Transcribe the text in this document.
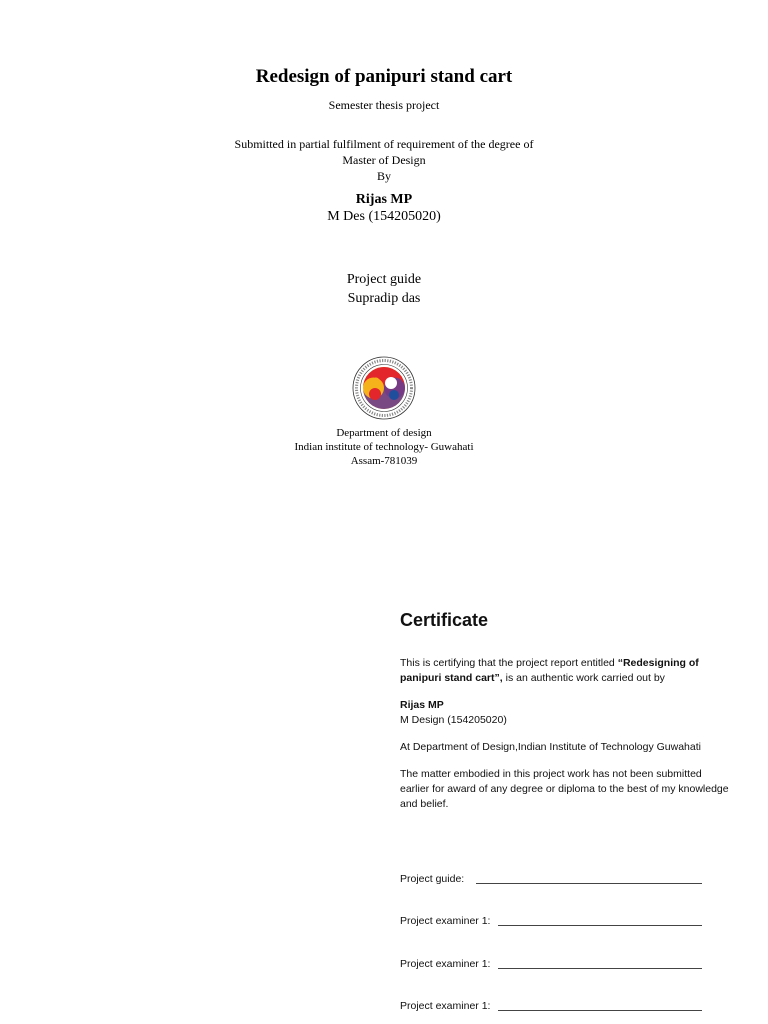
Redesign of panipuri stand cart
Semester thesis project
Submitted in partial fulfilment of requirement of the degree of
Master of Design
By
Rijas MP
M Des (154205020)
Project guide
Supradip das
Department of design
Indian institute of technology- Guwahati
Assam-781039
Certificate

This is certifying that the project report entitled “Redesigning of panipuri stand cart”, is an authentic work carried out by

Rijas MP

M Design (154205020)

At Department of Design,Indian Institute of Technology Guwahati

The matter embodied in this project work has not been submitted earlier for award of any degree or diploma to the best of my knowledge and belief.

Project guide:
Project examiner 1:
Project examiner 1:
Project examiner 1:
